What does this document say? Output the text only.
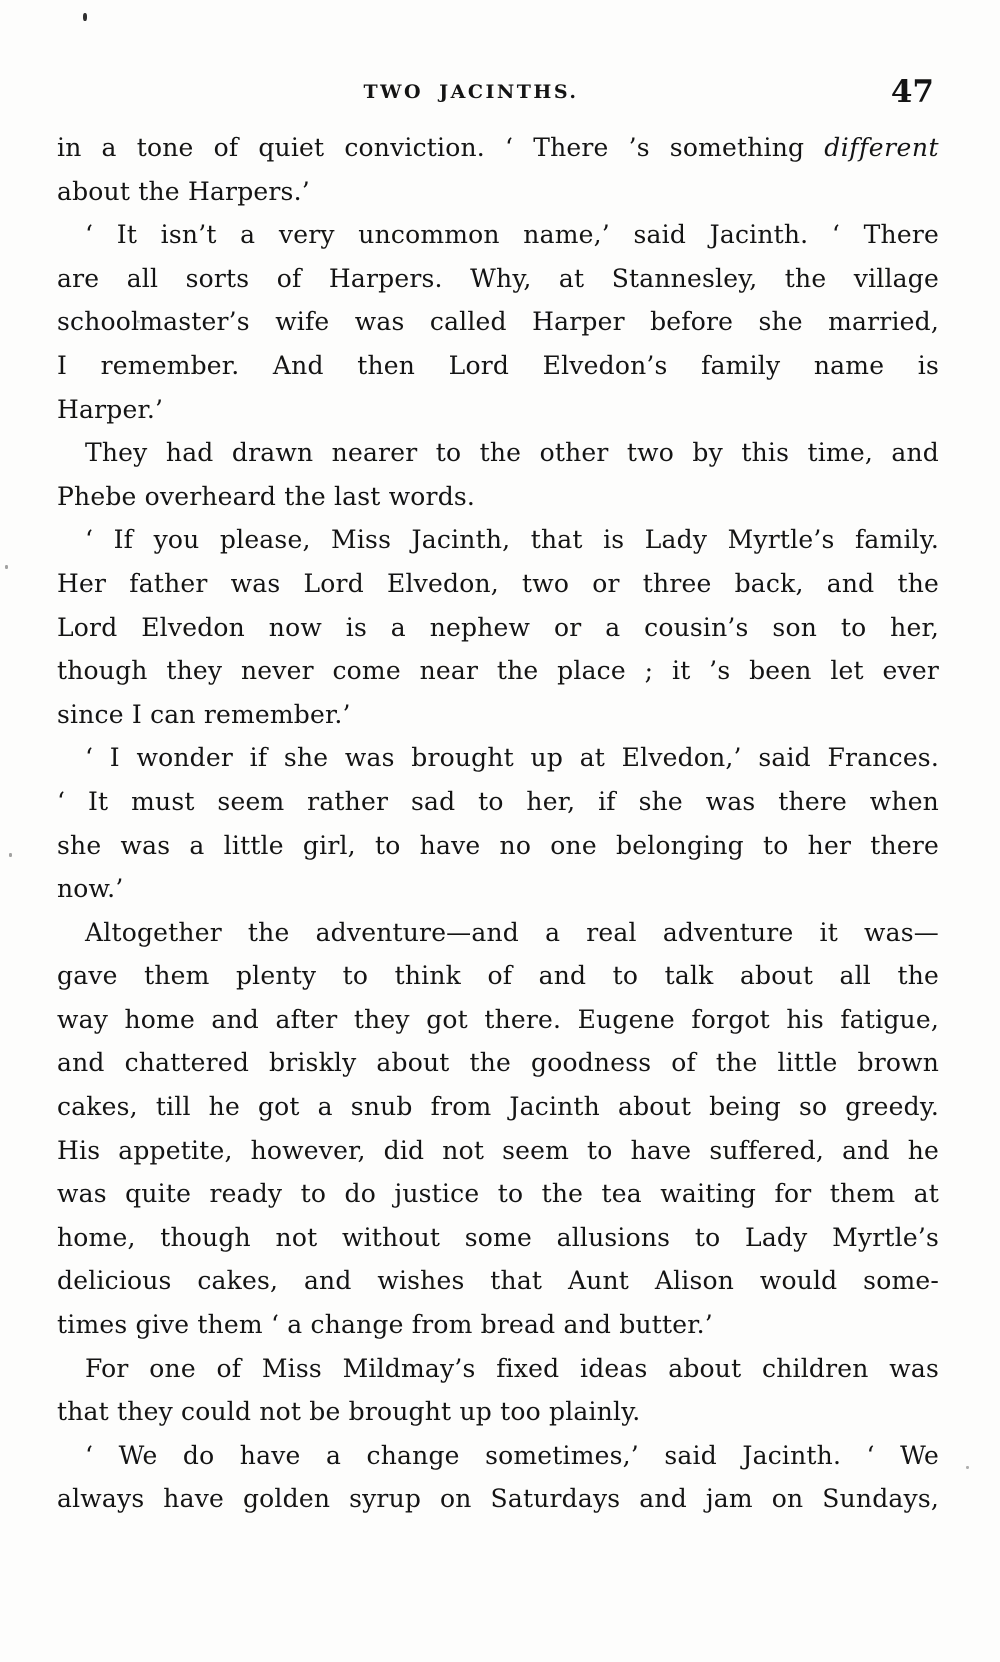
TWO JACINTHS.	47
in a tone of quiet conviction. ‘ There ’s something different
about the Harpers.’
‘ It isn’t a very uncommon name,’ said Jacinth. ‘ There
are all sorts of Harpers. Why, at Stannesley, the village
schoolmaster’s wife was called Harper before she married,
I remember. And then Lord Elvedon’s family name is
Harper.’
They had drawn nearer to the other two by this time, and
Phebe overheard the last words.
‘ If you please, Miss Jacinth, that is Lady Myrtle’s family.
Her father was Lord Elvedon, two or three back, and the
Lord Elvedon now is a nephew or a cousin’s son to her,
though they never come near the place ; it ’s been let ever
since I can remember.’
‘ I wonder if she was brought up at Elvedon,’ said Frances.
‘ It must seem rather sad to her, if she was there when
she was a little girl, to have no one belonging to her there
now.’
Altogether the adventure—and a real adventure it was—
gave them plenty to think of and to talk about all the
way home and after they got there. Eugene forgot his fatigue,
and chattered briskly about the goodness of the little brown
cakes, till he got a snub from Jacinth about being so greedy.
His appetite, however, did not seem to have suffered, and he
was quite ready to do justice to the tea waiting for them at
home, though not without some allusions to Lady Myrtle’s
delicious cakes, and wishes that Aunt Alison would some-
times give them ‘ a change from bread and butter.’
For one of Miss Mildmay’s fixed ideas about children was
that they could not be brought up too plainly.
‘ We do have a change sometimes,’ said Jacinth. ‘ We
always have golden syrup on Saturdays and jam on Sundays,
